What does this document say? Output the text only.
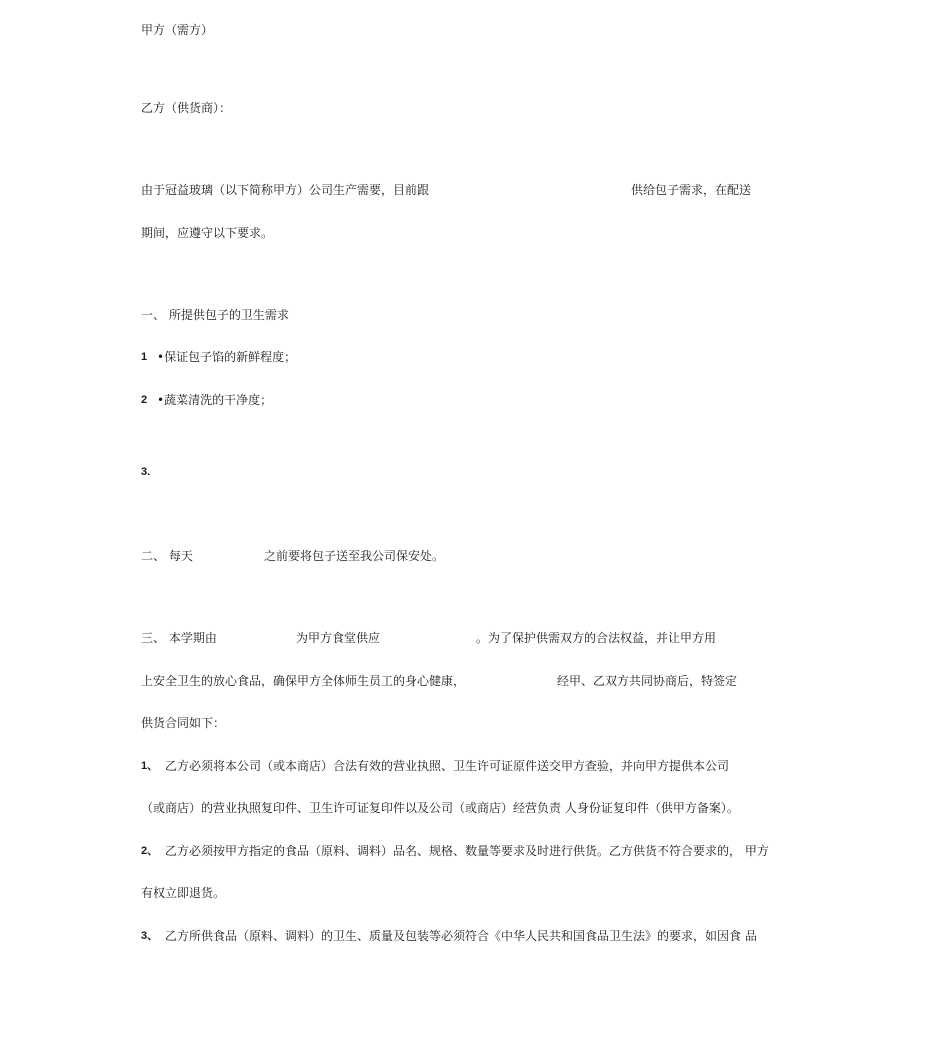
甲方（需方）
乙方（供货商）：
由于冠益玻璃（以下简称甲方）公司生产需要，目前跟	供给包子需求，在配送
期间，应遵守以下要求。
一、 所提供包子的卫生需求
1 •保证包子馅的新鲜程度；
2 •蔬菜清洗的干净度；
3.
二、 每天	之前要将包子送至我公司保安处。
三、 本学期由	为甲方食堂供应	。为了保护供需双方的合法权益，并让甲方用
上安全卫生的放心食品，确保甲方全体师生员工的身心健康，	经甲、乙双方共同协商后，特签定
供货合同如下：
1、 乙方必须将本公司（或本商店）合法有效的营业执照、卫生许可证原件送交甲方查验，并向甲方提供本公司
（或商店）的营业执照复印件、卫生许可证复印件以及公司（或商店）经营负责 人身份证复印件（供甲方备案）。
2、 乙方必须按甲方指定的食品（原料、调料）品名、规格、数量等要求及时进行供货。乙方供货不符合要求的， 甲方
有权立即退货。
3、 乙方所供食品（原料、调料）的卫生、质量及包装等必须符合《中华人民共和国食品卫生法》的要求，如因食 品
